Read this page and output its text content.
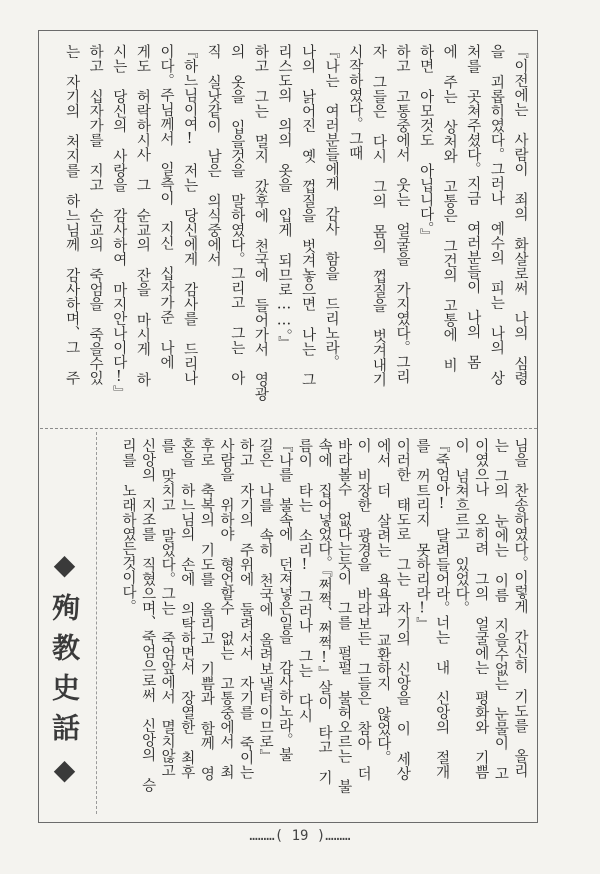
『이전에는 사람이 죄의 화살로써 나의 심령
을 괴롭히였다。그러나 예수의 피는 나의 상
처를 곳쳐주셨다。지금 여러분들이 나의 몸
에 주는 상처와 고통은 그건의 고통에 비
하면 아모것도 아닙니다。』
하고 고통중에서 웃는 얼굴을 가지였다。그리
자 그들은 다시 그의 몸의 껍질을 벗겨내기
시작하였다。그때
『나는 여러분들에게 감사 함을 드리노라。
나의 낡어진 옛 껍질을 벗겨놓으면 나는 그
리스도의 의의 옷을 입게 되므로……。』
하고 그는 멀지 갔후에 천국에 들어가서 영광
의 옷을 입을것을 말하였다。그리고 그는 아
직 실낫같이 남은 의식중에서
『하느님이여! 저는 당신에게 감사를 드리나
이다。주님께서 일측이 지신 십자가준 나에
게도 허락하시사 그 순교의 잔을 마시게 하
시는 당신의 사랑을 감사하여 마지안나이다!』
하고 십자가를 지고 순교의 죽엄을 죽을수있
는 자기의 처지를 하느님께 감사하며、그 주
님을 찬송하였다。이렇게 간신히 기도를 올리
는 그의 눈에는 이름 지을수없는 눈물이 고
이였으나 오히려 그의 얼굴에는 평화와 기쁨
이 넘쳐흐르고 있었다。
『죽엄아! 달려들어라。너는 내 신앙의 절개
를 꺼트리지 못하리라!』
이러한 태도로 그는 자기의 신앙을 이 세상
에서 더 살려는 욕욕과 교환하지 않었다。
이 비장한 광경을 바라보든 그들은 참아 더
바라볼수 없다는듯이 그를 펄펄 불허오르는 불
속에 집어넣었다。『쩌쩍、쩌쩍!』살이 타고 기
름이 타는 소리! 그러나 그는 다시
『나를 불속에 던져넣은일을 감사하노라。불
길은 나를 속히 천국에 올려보낼터이므로』
하고 자기의 주위에 둘려서서 자기를 죽이는
사람을 위하야 형언할수 없는 고통중에서 최
후로 축복의 기도를 올리고 기쁨과 함께 영
혼을 하느님의 손에 의탁하면서 장열한 최후
를 맞치고 말었다。그는 죽엄앞에서 멸치않고
신앙의 지조를 직혔으며、죽엄으로써 신앙의 승
리를 노래하였든것이다。
◆殉教史話◆
………( 19 )………
